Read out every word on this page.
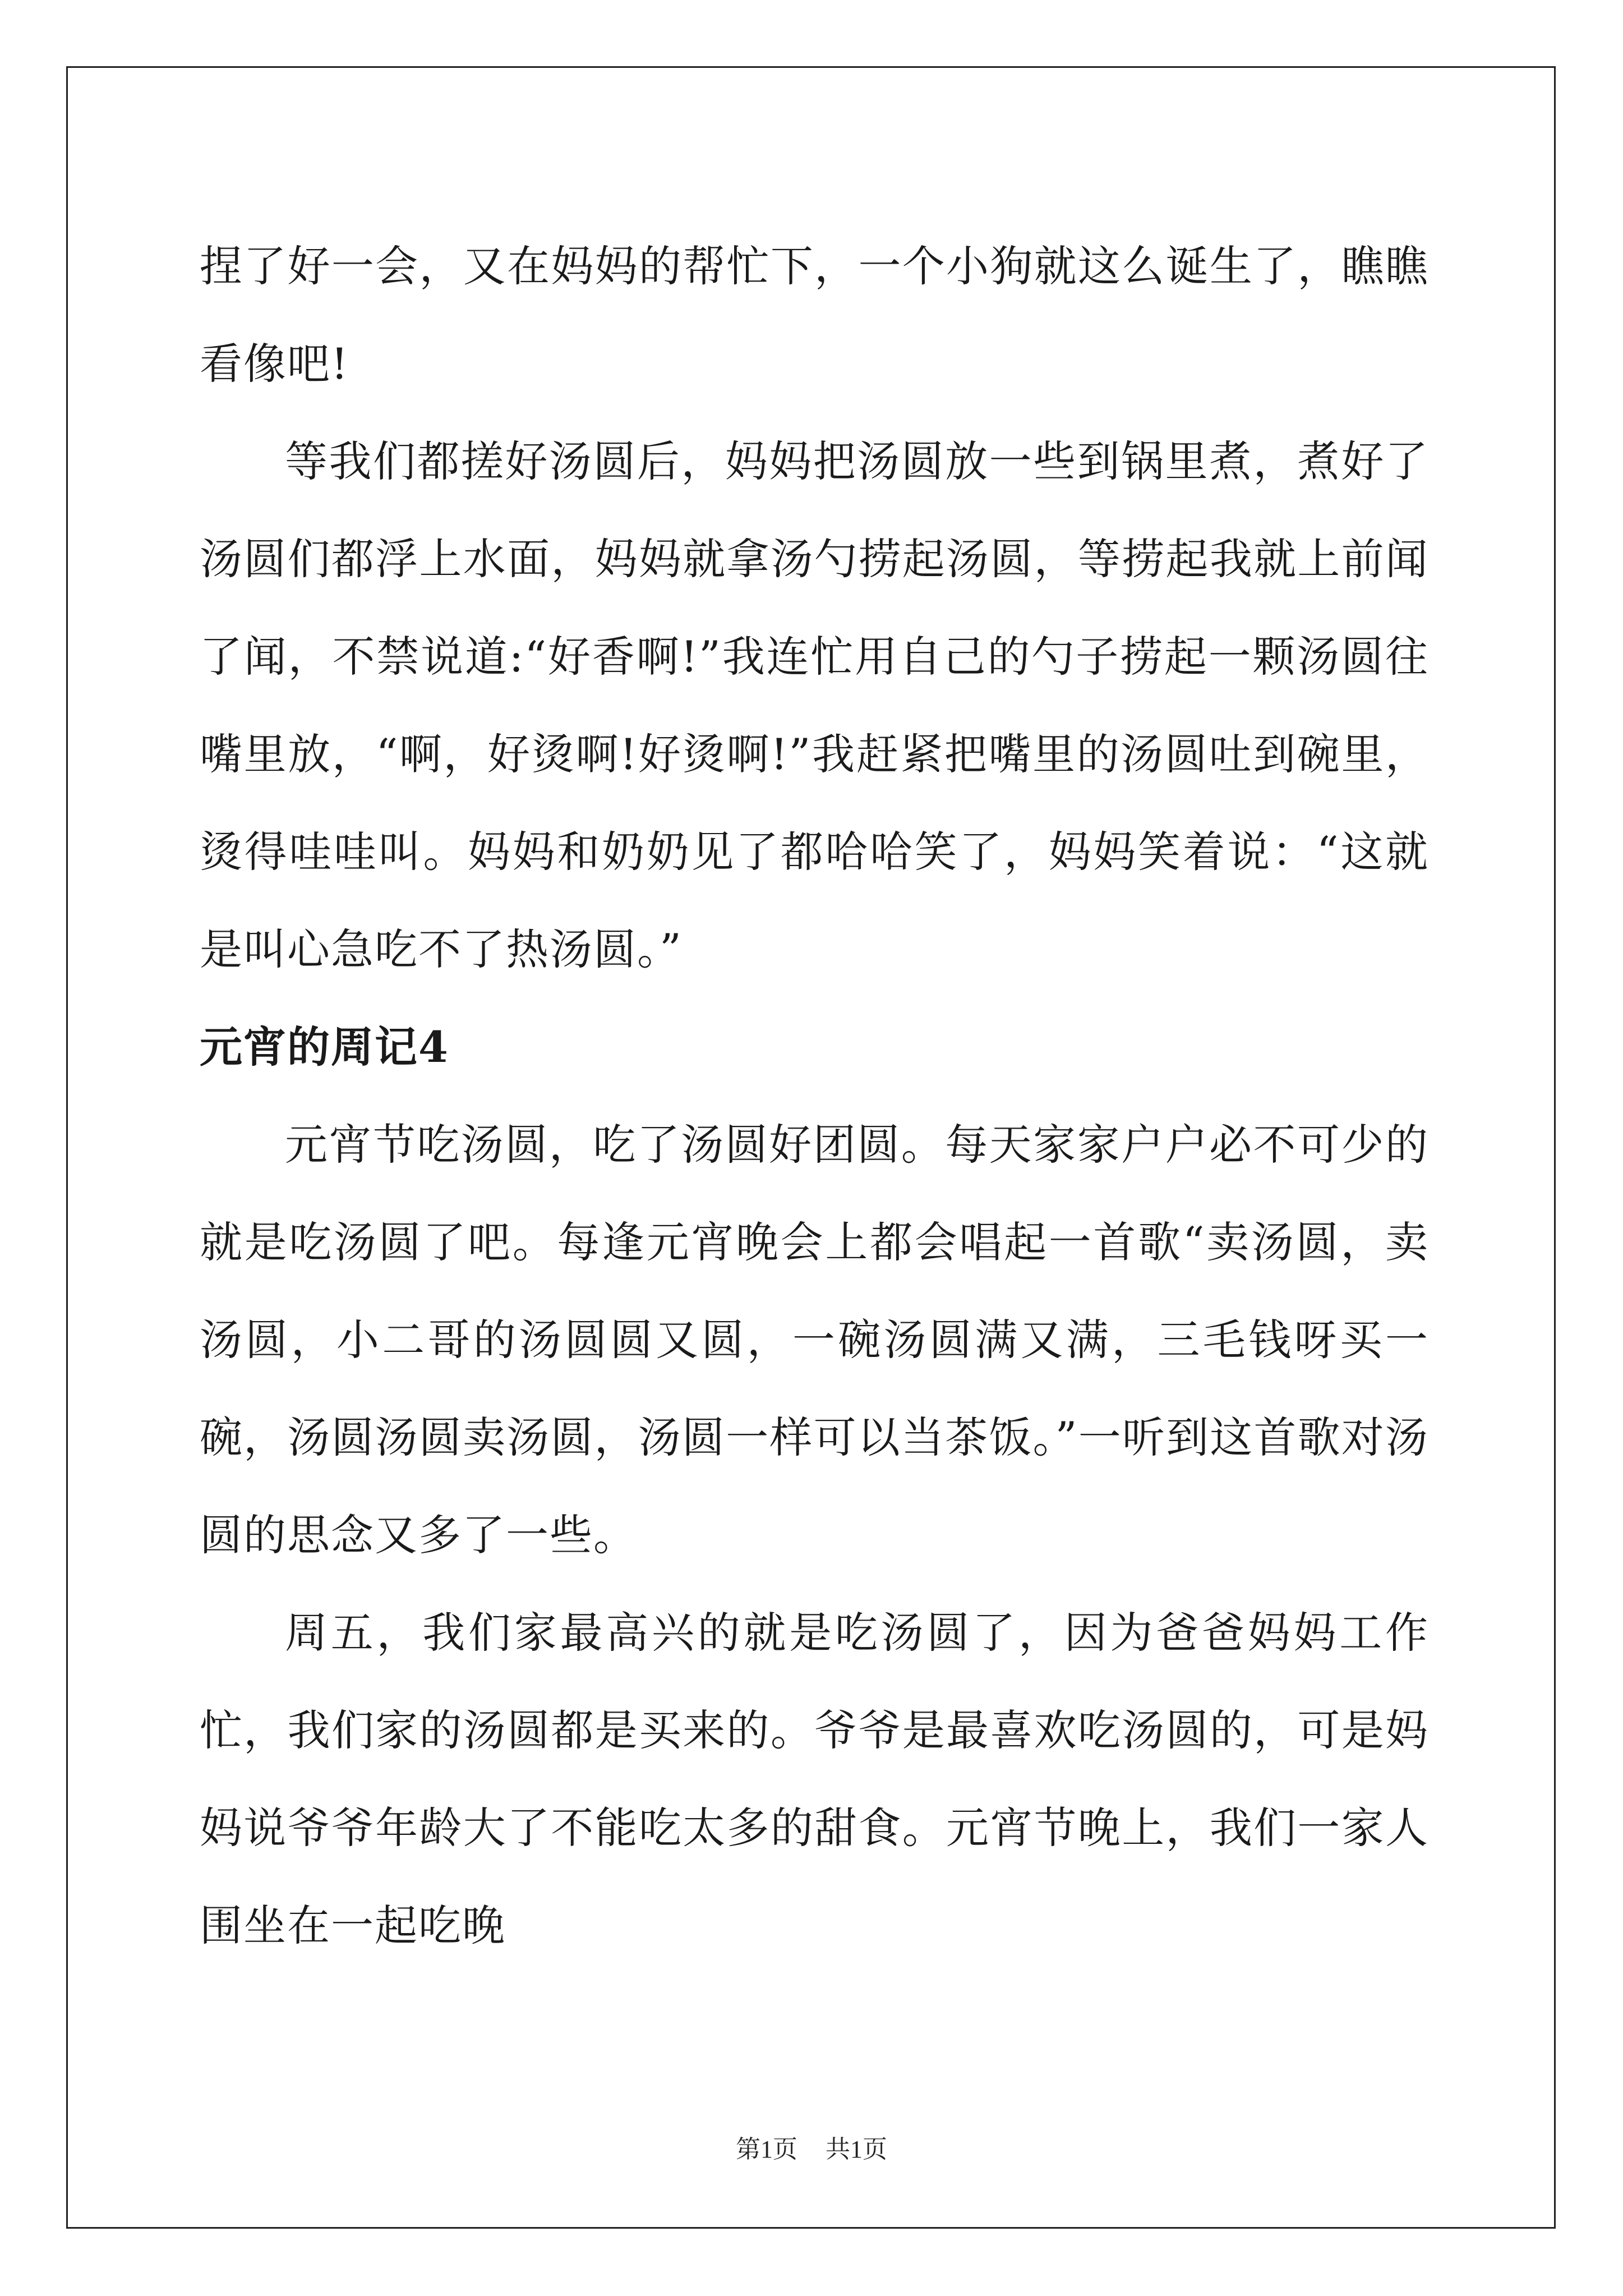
捏了好一会，又在妈妈的帮忙下，一个小狗就这么诞生了，瞧瞧看像吧!

等我们都搓好汤圆后，妈妈把汤圆放一些到锅里煮，煮好了汤圆们都浮上水面，妈妈就拿汤勺捞起汤圆，等捞起我就上前闻了闻，不禁说道:“好香啊!”我连忙用自己的勺子捞起一颗汤圆往嘴里放，“啊，好烫啊!好烫啊!”我赶紧把嘴里的汤圆吐到碗里，烫得哇哇叫。妈妈和奶奶见了都哈哈笑了，妈妈笑着说：“这就是叫心急吃不了热汤圆。”

元宵的周记4

元宵节吃汤圆，吃了汤圆好团圆。每天家家户户必不可少的就是吃汤圆了吧。每逢元宵晚会上都会唱起一首歌“卖汤圆，卖汤圆，小二哥的汤圆圆又圆，一碗汤圆满又满，三毛钱呀买一碗，汤圆汤圆卖汤圆，汤圆一样可以当茶饭。”一听到这首歌对汤圆的思念又多了一些。

周五，我们家最高兴的就是吃汤圆了，因为爸爸妈妈工作忙，我们家的汤圆都是买来的。爷爷是最喜欢吃汤圆的，可是妈妈说爷爷年龄大了不能吃太多的甜食。元宵节晚上，我们一家人围坐在一起吃晚

第1页 共1页
